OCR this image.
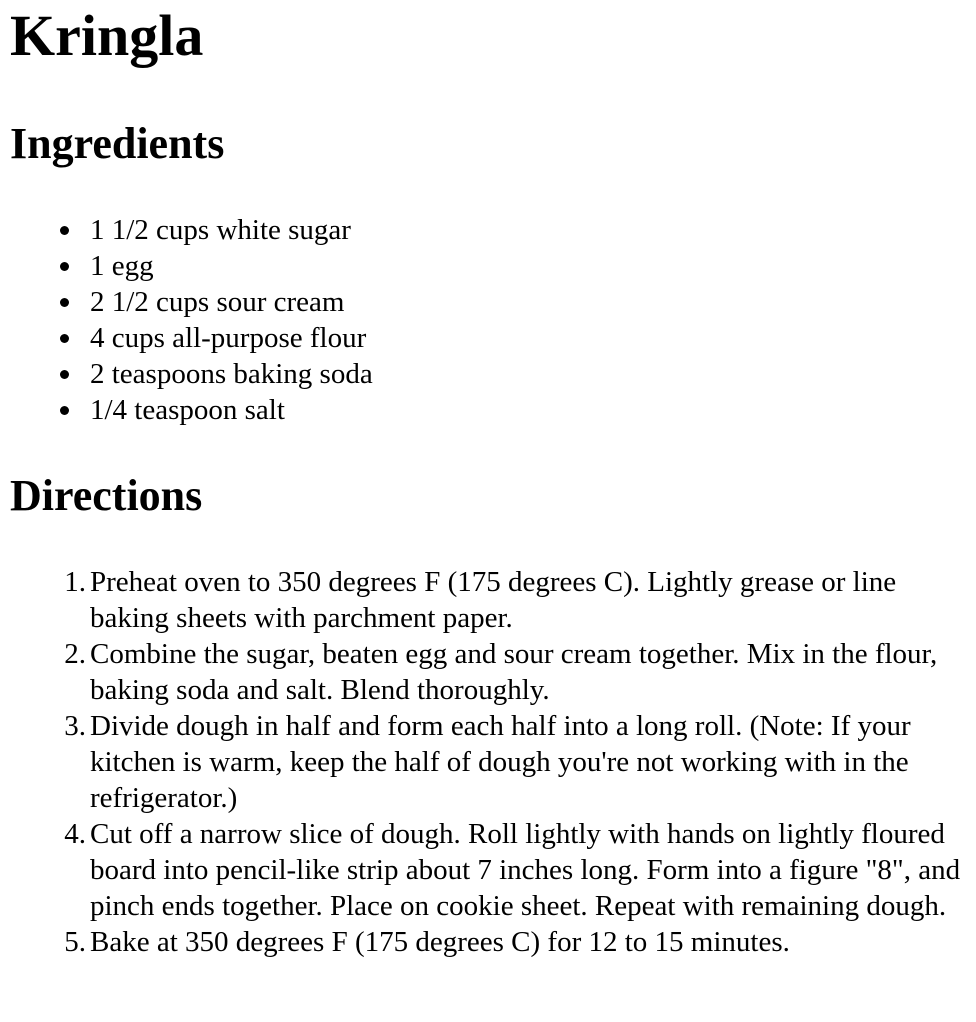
Kringla
Ingredients
1 1/2 cups white sugar
1 egg
2 1/2 cups sour cream
4 cups all-purpose flour
2 teaspoons baking soda
1/4 teaspoon salt
Directions
1. Preheat oven to 350 degrees F (175 degrees C). Lightly grease or line baking sheets with parchment paper.
2. Combine the sugar, beaten egg and sour cream together. Mix in the flour, baking soda and salt. Blend thoroughly.
3. Divide dough in half and form each half into a long roll. (Note: If your kitchen is warm, keep the half of dough you're not working with in the refrigerator.)
4. Cut off a narrow slice of dough. Roll lightly with hands on lightly floured board into pencil-like strip about 7 inches long. Form into a figure "8", and pinch ends together. Place on cookie sheet. Repeat with remaining dough.
5. Bake at 350 degrees F (175 degrees C) for 12 to 15 minutes.
